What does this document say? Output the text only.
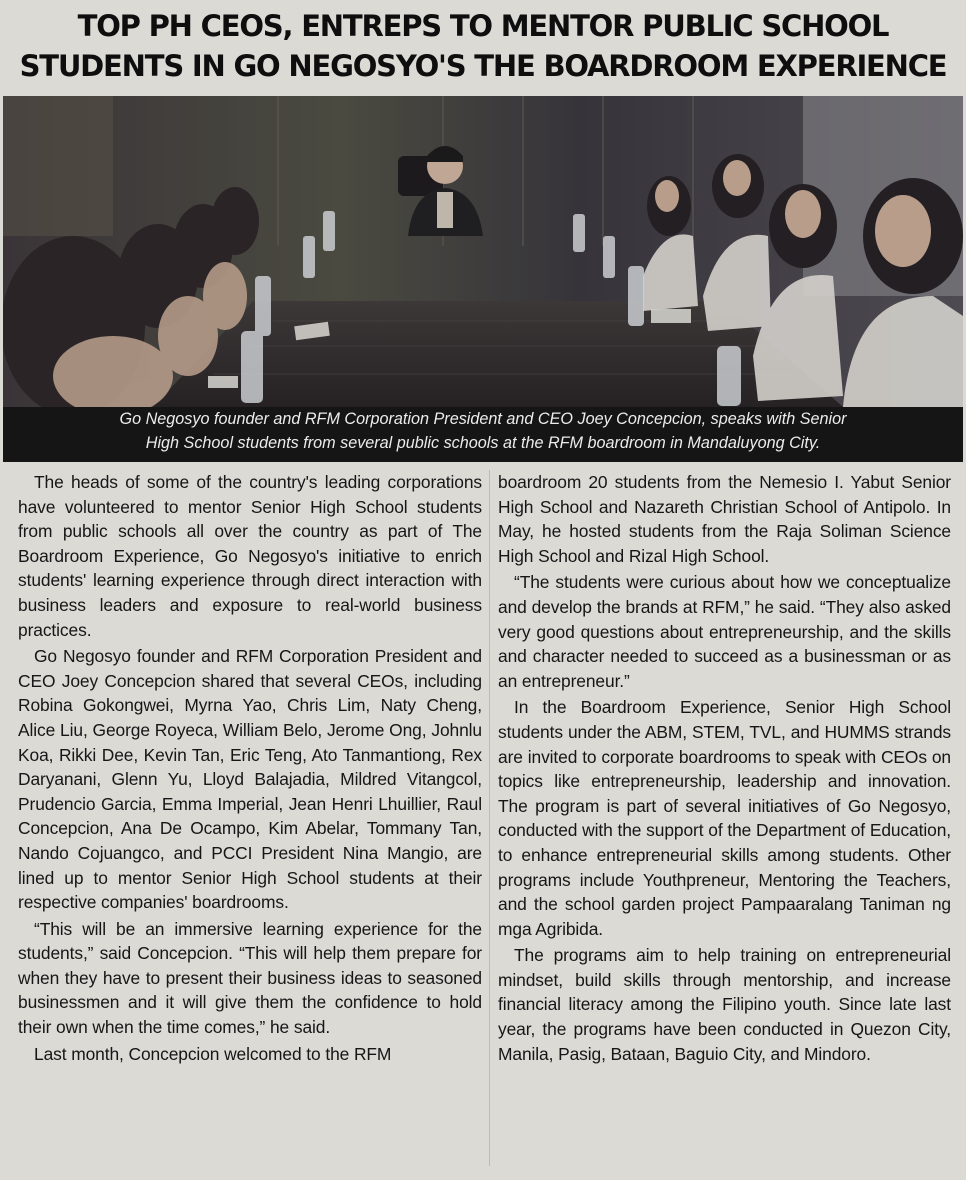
TOP PH CEOS, ENTREPS TO MENTOR PUBLIC SCHOOL
STUDENTS IN GO NEGOSYO'S THE BOARDROOM EXPERIENCE
Go Negosyo founder and RFM Corporation President and CEO Joey Concepcion, speaks with Senior
High School students from several public schools at the RFM boardroom in Mandaluyong City.

The heads of some of the country's leading corporations have volunteered to mentor Senior High School students from public schools all over the country as part of The Boardroom Experience, Go Negosyo's initiative to enrich students' learning experience through direct interaction with business leaders and exposure to real-world business practices.

Go Negosyo founder and RFM Corporation President and CEO Joey Concepcion shared that several CEOs, including Robina Gokongwei, Myrna Yao, Chris Lim, Naty Cheng, Alice Liu, George Royeca, William Belo, Jerome Ong, Johnlu Koa, Rikki Dee, Kevin Tan, Eric Teng, Ato Tanmantiong, Rex Daryanani, Glenn Yu, Lloyd Balajadia, Mildred Vitangcol, Prudencio Garcia, Emma Imperial, Jean Henri Lhuillier, Raul Concepcion, Ana De Ocampo, Kim Abelar, Tommany Tan, Nando Cojuangco, and PCCI President Nina Mangio, are lined up to mentor Senior High School students at their respective companies' boardrooms.

“This will be an immersive learning experience for the students,” said Concepcion. “This will help them prepare for when they have to present their business ideas to seasoned businessmen and it will give them the confidence to hold their own when the time comes,” he said.

Last month, Concepcion welcomed to the RFM

boardroom 20 students from the Nemesio I. Yabut Senior High School and Nazareth Christian School of Antipolo. In May, he hosted students from the Raja Soliman Science High School and Rizal High School.

“The students were curious about how we conceptualize and develop the brands at RFM,” he said. “They also asked very good questions about entrepreneurship, and the skills and character needed to succeed as a businessman or as an entrepreneur.”

In the Boardroom Experience, Senior High School students under the ABM, STEM, TVL, and HUMMS strands are invited to corporate boardrooms to speak with CEOs on topics like entrepreneurship, leadership and innovation. The program is part of several initiatives of Go Negosyo, conducted with the support of the Department of Education, to enhance entrepreneurial skills among students. Other programs include Youthpreneur, Mentoring the Teachers, and the school garden project Pampaaralang Taniman ng mga Agribida.

The programs aim to help training on entrepreneurial mindset, build skills through mentorship, and increase financial literacy among the Filipino youth. Since late last year, the programs have been conducted in Quezon City, Manila, Pasig, Bataan, Baguio City, and Mindoro.
